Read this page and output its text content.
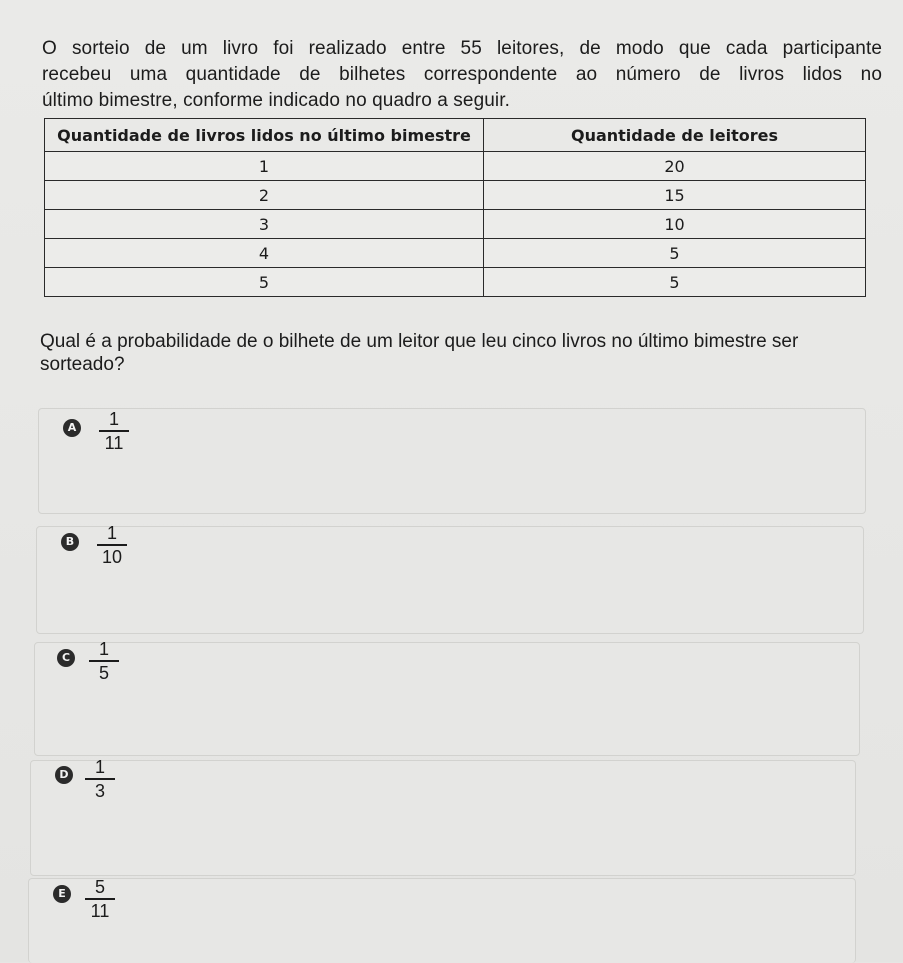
O sorteio de um livro foi realizado entre 55 leitores, de modo que cada participante
recebeu uma quantidade de bilhetes correspondente ao número de livros lidos no
último bimestre, conforme indicado no quadro a seguir.
Quantidade de livros lidos no último bimestre	Quantidade de leitores
1	20
2	15
3	10
4	5
5	5
Qual é a probabilidade de o bilhete de um leitor que leu cinco livros no último bimestre ser sorteado?
A	1
11
B	1
10
C	1
5
D	1
3
E	5
11
